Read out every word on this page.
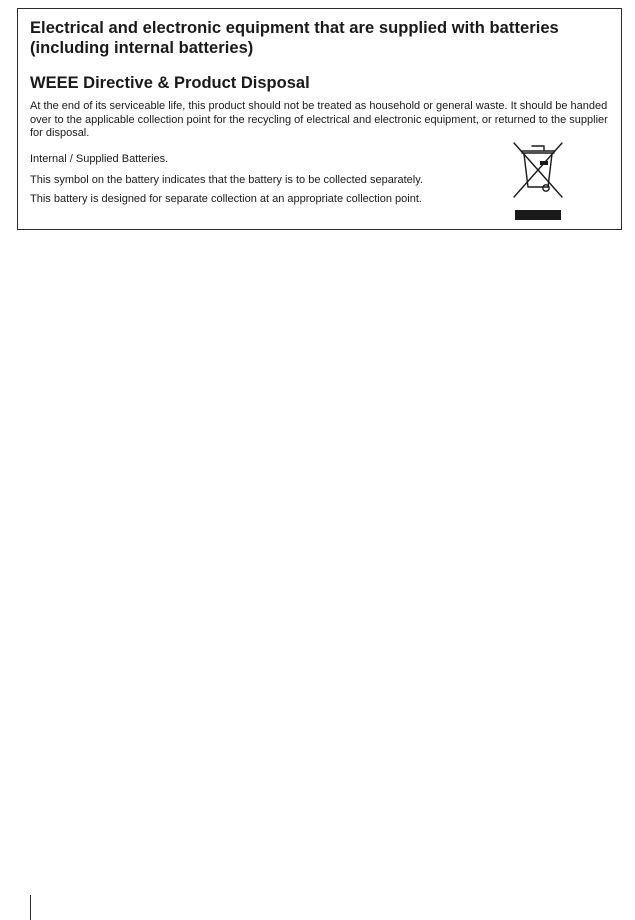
Electrical and electronic equipment that are supplied with batteries (including internal batteries)
WEEE Directive & Product Disposal

At the end of its serviceable life, this product should not be treated as household or general waste. It should be handed over to the applicable collection point for the recycling of electrical and electronic equipment, or returned to the supplier for disposal.

Internal / Supplied Batteries.

This symbol on the battery indicates that the battery is to be collected separately.

This battery is designed for separate collection at an appropriate collection point.
